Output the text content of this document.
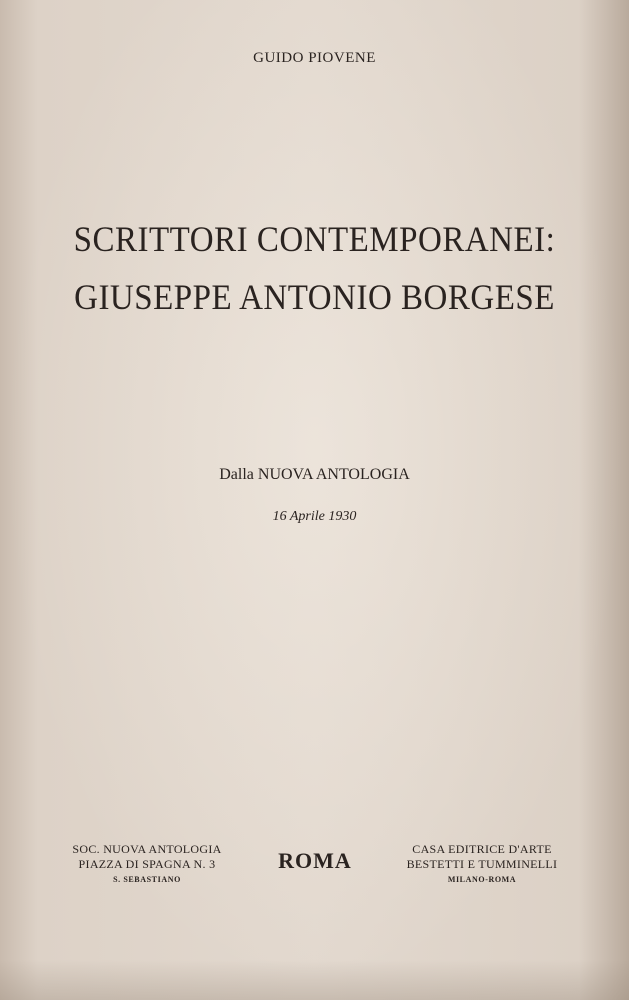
GUIDO PIOVENE
SCRITTORI CONTEMPORANEI:
GIUSEPPE ANTONIO BORGESE
Dalla NUOVA ANTOLOGIA
16 Aprile 1930
SOC. NUOVA ANTOLOGIA
PIAZZA DI SPAGNA N. 3
S. SEBASTIANO
ROMA	CASA EDITRICE D'ARTE
BESTETTI E TUMMINELLI
MILANO-ROMA
